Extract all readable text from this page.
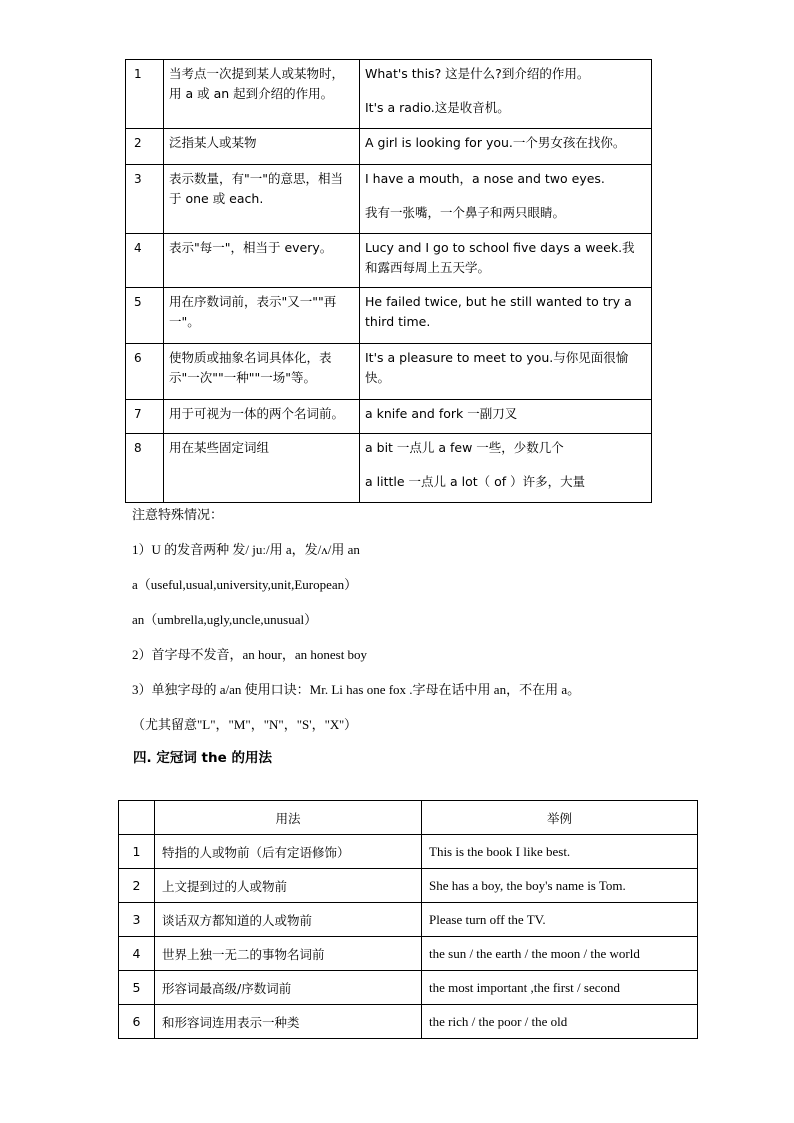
1	当考点一次提到某人或某物时，用 a 或 an 起到介绍的作用。	What's this? 这是什么?到介绍的作用。

It's a radio.这是收音机。

2	泛指某人或某物	A girl is looking for you.一个男女孩在找你。

3	表示数量，有"一"的意思，相当于 one 或 each.	I have a mouth，a nose and two eyes.

我有一张嘴，一个鼻子和两只眼睛。

4	表示"每一"，相当于 every。	Lucy and I go to school five days a week.我和露西每周上五天学。

5	用在序数词前，表示"又一""再一"。	He failed twice, but he still wanted to try a third time.

6	使物质或抽象名词具体化，表示"一次""一种""一场"等。	It's a pleasure to meet to you.与你见面很愉快。

7	用于可视为一体的两个名词前。	a knife and fork 一副刀叉

8	用在某些固定词组	a bit 一点儿 a few 一些，少数几个

a little 一点儿 a lot（ of ）许多，大量

注意特殊情况：

1）U 的发音两种 发/ juː/用 a，发/ʌ/用 an

a（useful,usual,university,unit,European）

an（umbrella,ugly,uncle,unusual）

2）首字母不发音，an hour，an honest boy

3）单独字母的 a/an 使用口诀：Mr. Li has one fox .字母在话中用 an，不在用 a。

（尤其留意"L"，"M"，"N"，"S'，"X''）

四. 定冠词 the 的用法
	用法	举例
1	特指的人或物前（后有定语修饰）	This is the book I like best.
2	上文提到过的人或物前	She has a boy, the boy's name is Tom.
3	谈话双方都知道的人或物前	Please turn off the TV.
4	世界上独一无二的事物名词前	the sun / the earth / the moon / the world
5	形容词最高级/序数词前	the most important ,the first / second
6	和形容词连用表示一种类	the rich / the poor / the old
